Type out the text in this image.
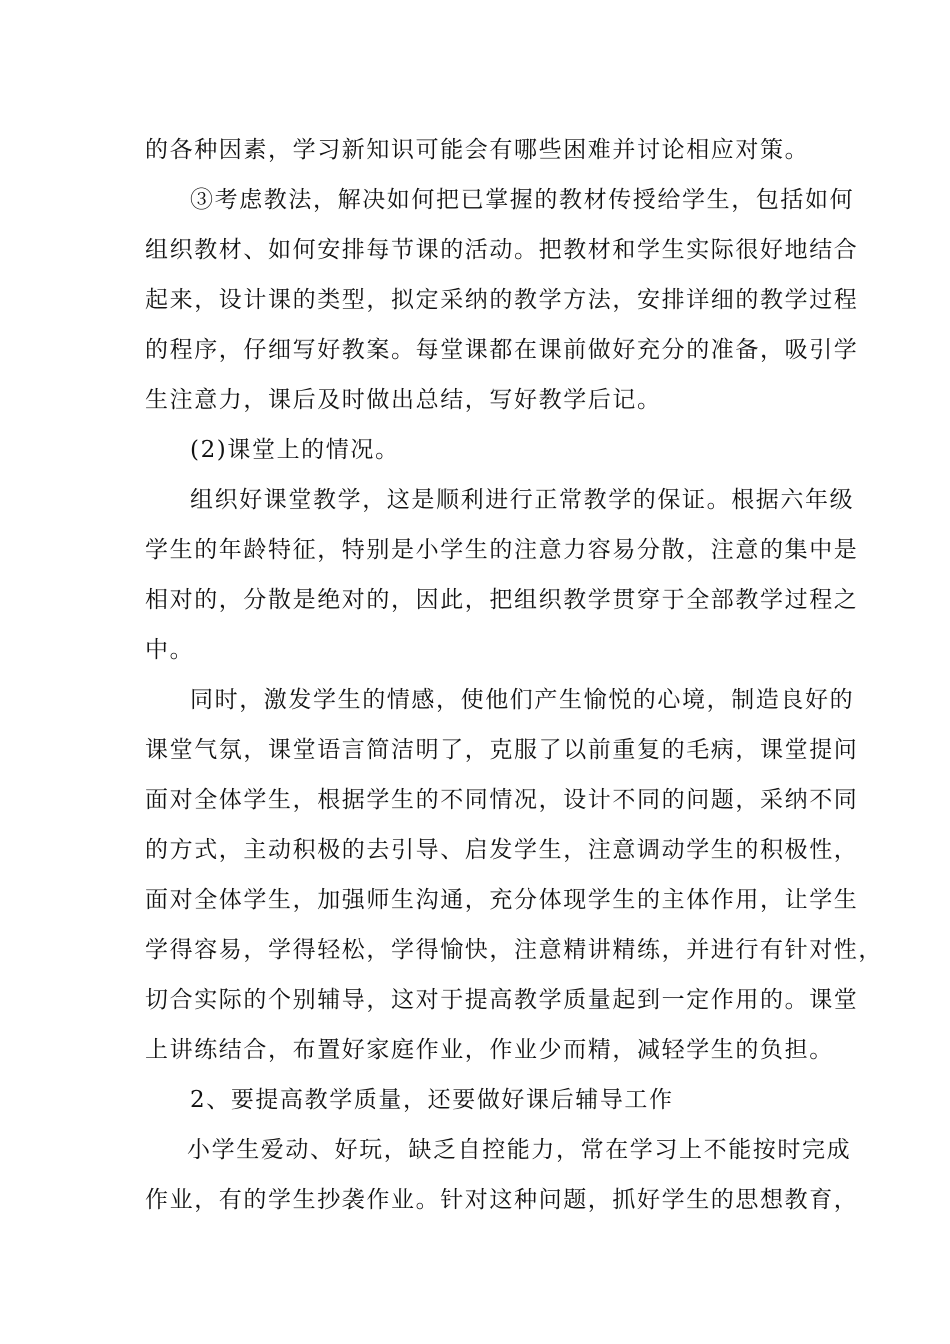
的各种因素，学习新知识可能会有哪些困难并讨论相应对策。
③考虑教法，解决如何把已掌握的教材传授给学生，包括如何
组织教材、如何安排每节课的活动。把教材和学生实际很好地结合
起来，设计课的类型，拟定采纳的教学方法，安排详细的教学过程
的程序，仔细写好教案。每堂课都在课前做好充分的准备，吸引学
生注意力，课后及时做出总结，写好教学后记。
(2)课堂上的情况。
组织好课堂教学，这是顺利进行正常教学的保证。根据六年级
学生的年龄特征，特别是小学生的注意力容易分散，注意的集中是
相对的，分散是绝对的，因此，把组织教学贯穿于全部教学过程之
中。
同时，激发学生的情感，使他们产生愉悦的心境，制造良好的
课堂气氛，课堂语言简洁明了，克服了以前重复的毛病，课堂提问
面对全体学生，根据学生的不同情况，设计不同的问题，采纳不同
的方式，主动积极的去引导、启发学生，注意调动学生的积极性，
面对全体学生，加强师生沟通，充分体现学生的主体作用，让学生
学得容易，学得轻松，学得愉快，注意精讲精练，并进行有针对性，
切合实际的个别辅导，这对于提高教学质量起到一定作用的。课堂
上讲练结合，布置好家庭作业，作业少而精，减轻学生的负担。
2、要提高教学质量，还要做好课后辅导工作
小学生爱动、好玩，缺乏自控能力，常在学习上不能按时完成
作业，有的学生抄袭作业。针对这种问题，抓好学生的思想教育，
